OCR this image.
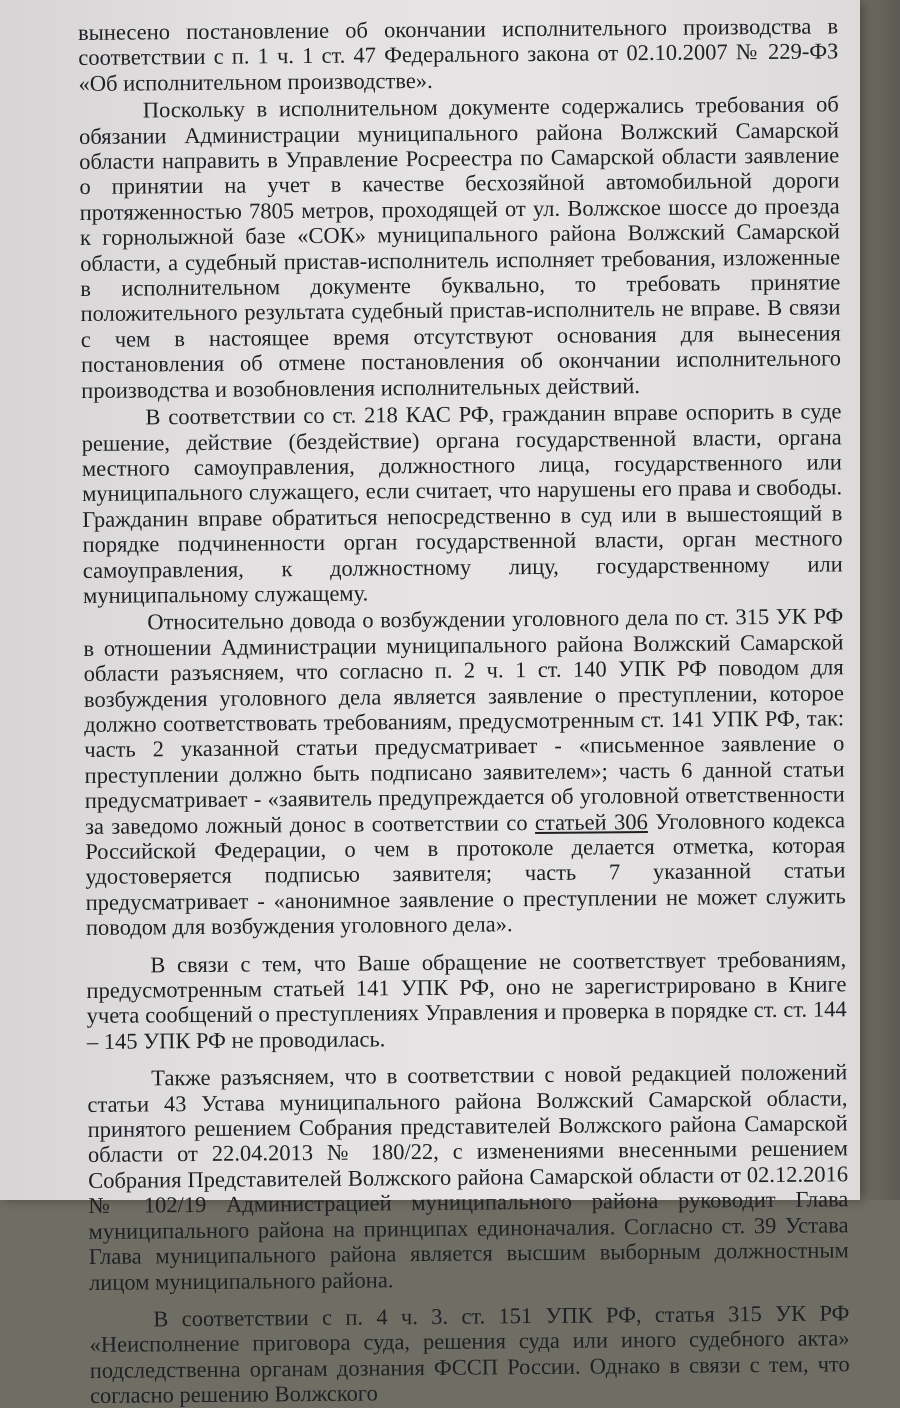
вынесено постановление об окончании исполнительного производства в соответствии с п. 1 ч. 1 ст. 47 Федерального закона от 02.10.2007 № 229-ФЗ «Об исполнительном производстве».

Поскольку в исполнительном документе содержались требования об обязании Администрации муниципального района Волжский Самарской области направить в Управление Росреестра по Самарской области заявление о принятии на учет в качестве бесхозяйной автомобильной дороги протяженностью 7805 метров, проходящей от ул. Волжское шоссе до проезда к горнолыжной базе «СОК» муниципального района Волжский Самарской области, а судебный пристав-исполнитель исполняет требования, изложенные в исполнительном документе буквально, то требовать принятие положительного результата судебный пристав-исполнитель не вправе. В связи с чем в настоящее время отсутствуют основания для вынесения постановления об отмене постановления об окончании исполнительного производства и возобновления исполнительных действий.

В соответствии со ст. 218 КАС РФ, гражданин вправе оспорить в суде решение, действие (бездействие) органа государственной власти, органа местного самоуправления, должностного лица, государственного или муниципального служащего, если считает, что нарушены его права и свободы. Гражданин вправе обратиться непосредственно в суд или в вышестоящий в порядке подчиненности орган государственной власти, орган местного самоуправления, к должностному лицу, государственному или муниципальному служащему.

Относительно довода о возбуждении уголовного дела по ст. 315 УК РФ в отношении Администрации муниципального района Волжский Самарской области разъясняем, что согласно п. 2 ч. 1 ст. 140 УПК РФ поводом для возбуждения уголовного дела является заявление о преступлении, которое должно соответствовать требованиям, предусмотренным ст. 141 УПК РФ, так: часть 2 указанной статьи предусматривает - «письменное заявление о преступлении должно быть подписано заявителем»; часть 6 данной статьи предусматривает - «заявитель предупреждается об уголовной ответственности за заведомо ложный донос в соответствии со статьей 306 Уголовного кодекса Российской Федерации, о чем в протоколе делается отметка, которая удостоверяется подписью заявителя; часть 7 указанной статьи предусматривает - «анонимное заявление о преступлении не может служить поводом для возбуждения уголовного дела».

В связи с тем, что Ваше обращение не соответствует требованиям, предусмотренным статьей 141 УПК РФ, оно не зарегистрировано в Книге учета сообщений о преступлениях Управления и проверка в порядке ст. ст. 144 – 145 УПК РФ не проводилась.

Также разъясняем, что в соответствии с новой редакцией положений статьи 43 Устава муниципального района Волжский Самарской области, принятого решением Собрания представителей Волжского района Самарской области от 22.04.2013 № 180/22, с изменениями внесенными решением Собрания Представителей Волжского района Самарской области от 02.12.2016 № 102/19 Администрацией муниципального района руководит Глава муниципального района на принципах единоначалия. Согласно ст. 39 Устава Глава муниципального района является высшим выборным должностным лицом муниципального района.

В соответствии с п. 4 ч. 3. ст. 151 УПК РФ, статья 315 УК РФ «Неисполнение приговора суда, решения суда или иного судебного акта» подследственна органам дознания ФССП России. Однако в связи с тем, что согласно решению Волжского
